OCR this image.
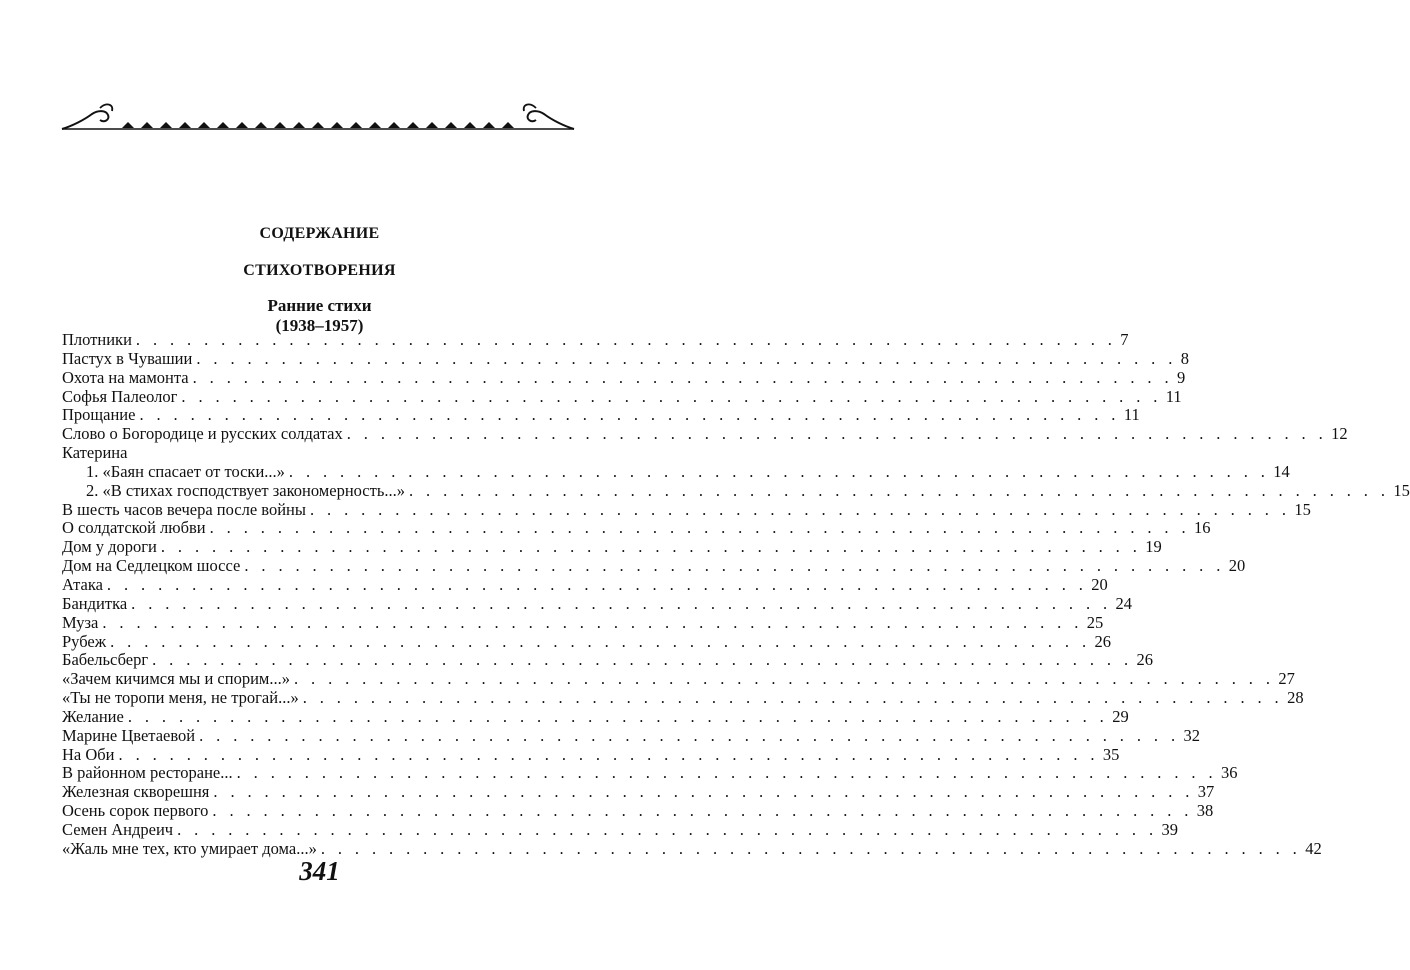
СОДЕРЖАНИЕ
СТИХОТВОРЕНИЯ
Ранние стихи
(1938–1957)
Плотники . . . . . . . . . . . . . . . . . . . . . . . . . . . . . . . . . . . . . . . . . . . . . . . . . . . . . . . . . . 7
Пастух в Чувашии . . . . . . . . . . . . . . . . . . . . . . . . . . . . . . . . . . . . . . . . . . . . . . . . . . . . . . . . . . 8
Охота на мамонта . . . . . . . . . . . . . . . . . . . . . . . . . . . . . . . . . . . . . . . . . . . . . . . . . . . . . . . . . . 9
Софья Палеолог . . . . . . . . . . . . . . . . . . . . . . . . . . . . . . . . . . . . . . . . . . . . . . . . . . . . . . . . . . 11
Прощание . . . . . . . . . . . . . . . . . . . . . . . . . . . . . . . . . . . . . . . . . . . . . . . . . . . . . . . . . . 11
Слово о Богородице и русских солдатах . . . . . . . . . . . . . . . . . . . . . . . . . . . . . . . . . . . . . . . . . . . . . . . . . . . . . . . . . . 12
Катерина
1. «Баян спасает от тоски...» . . . . . . . . . . . . . . . . . . . . . . . . . . . . . . . . . . . . . . . . . . . . . . . . . . . . . . . . . . 14
2. «В стихах господствует закономерность...» . . . . . . . . . . . . . . . . . . . . . . . . . . . . . . . . . . . . . . . . . . . . . . . . . . . . . . . . . . 15
В шесть часов вечера после войны . . . . . . . . . . . . . . . . . . . . . . . . . . . . . . . . . . . . . . . . . . . . . . . . . . . . . . . . . . 15
О солдатской любви . . . . . . . . . . . . . . . . . . . . . . . . . . . . . . . . . . . . . . . . . . . . . . . . . . . . . . . . . . 16
Дом у дороги . . . . . . . . . . . . . . . . . . . . . . . . . . . . . . . . . . . . . . . . . . . . . . . . . . . . . . . . . . 19
Дом на Седлецком шоссе . . . . . . . . . . . . . . . . . . . . . . . . . . . . . . . . . . . . . . . . . . . . . . . . . . . . . . . . . . 20
Атака . . . . . . . . . . . . . . . . . . . . . . . . . . . . . . . . . . . . . . . . . . . . . . . . . . . . . . . . . . 20
Бандитка . . . . . . . . . . . . . . . . . . . . . . . . . . . . . . . . . . . . . . . . . . . . . . . . . . . . . . . . . . 24
Муза . . . . . . . . . . . . . . . . . . . . . . . . . . . . . . . . . . . . . . . . . . . . . . . . . . . . . . . . . . 25
Рубеж . . . . . . . . . . . . . . . . . . . . . . . . . . . . . . . . . . . . . . . . . . . . . . . . . . . . . . . . . . 26
Бабельсберг . . . . . . . . . . . . . . . . . . . . . . . . . . . . . . . . . . . . . . . . . . . . . . . . . . . . . . . . . . 26
«Зачем кичимся мы и спорим...» . . . . . . . . . . . . . . . . . . . . . . . . . . . . . . . . . . . . . . . . . . . . . . . . . . . . . . . . . . 27
«Ты не торопи меня, не трогай...» . . . . . . . . . . . . . . . . . . . . . . . . . . . . . . . . . . . . . . . . . . . . . . . . . . . . . . . . . . 28
Желание . . . . . . . . . . . . . . . . . . . . . . . . . . . . . . . . . . . . . . . . . . . . . . . . . . . . . . . . . . 29
Марине Цветаевой . . . . . . . . . . . . . . . . . . . . . . . . . . . . . . . . . . . . . . . . . . . . . . . . . . . . . . . . . . 32
На Оби . . . . . . . . . . . . . . . . . . . . . . . . . . . . . . . . . . . . . . . . . . . . . . . . . . . . . . . . . . 35
В районном ресторане... . . . . . . . . . . . . . . . . . . . . . . . . . . . . . . . . . . . . . . . . . . . . . . . . . . . . . . . . . . 36
Железная скворешня . . . . . . . . . . . . . . . . . . . . . . . . . . . . . . . . . . . . . . . . . . . . . . . . . . . . . . . . . . 37
Осень сорок первого . . . . . . . . . . . . . . . . . . . . . . . . . . . . . . . . . . . . . . . . . . . . . . . . . . . . . . . . . . 38
Семен Андреич . . . . . . . . . . . . . . . . . . . . . . . . . . . . . . . . . . . . . . . . . . . . . . . . . . . . . . . . . . 39
«Жаль мне тех, кто умирает дома...» . . . . . . . . . . . . . . . . . . . . . . . . . . . . . . . . . . . . . . . . . . . . . . . . . . . . . . . . . . 42
341
